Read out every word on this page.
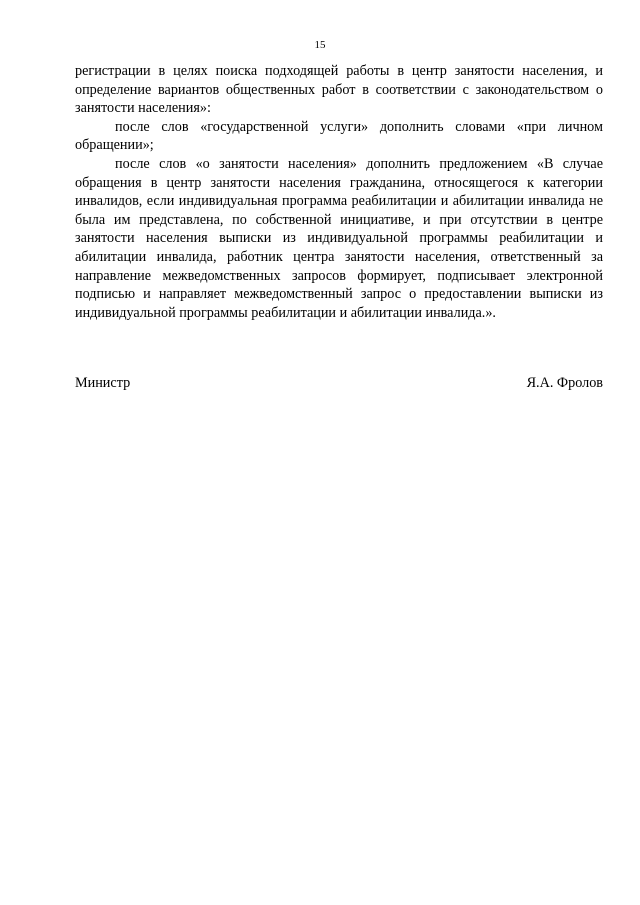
15

регистрации в целях поиска подходящей работы в центр занятости населения, и определение вариантов общественных работ в соответствии с законодательством о занятости населения»:

после слов «государственной услуги» дополнить словами «при личном обращении»;

после слов «о занятости населения» дополнить предложением «В случае обращения в центр занятости населения гражданина, относящегося к категории инвалидов, если индивидуальная программа реабилитации и абилитации инвалида не была им представлена, по собственной инициативе, и при отсутствии в центре занятости населения выписки из индивидуальной программы реабилитации и абилитации инвалида, работник центра занятости населения, ответственный за направление межведомственных запросов формирует, подписывает электронной подписью и направляет межведомственный запрос о предоставлении выписки из индивидуальной программы реабилитации и абилитации инвалида.».

Министр	Я.А. Фролов
